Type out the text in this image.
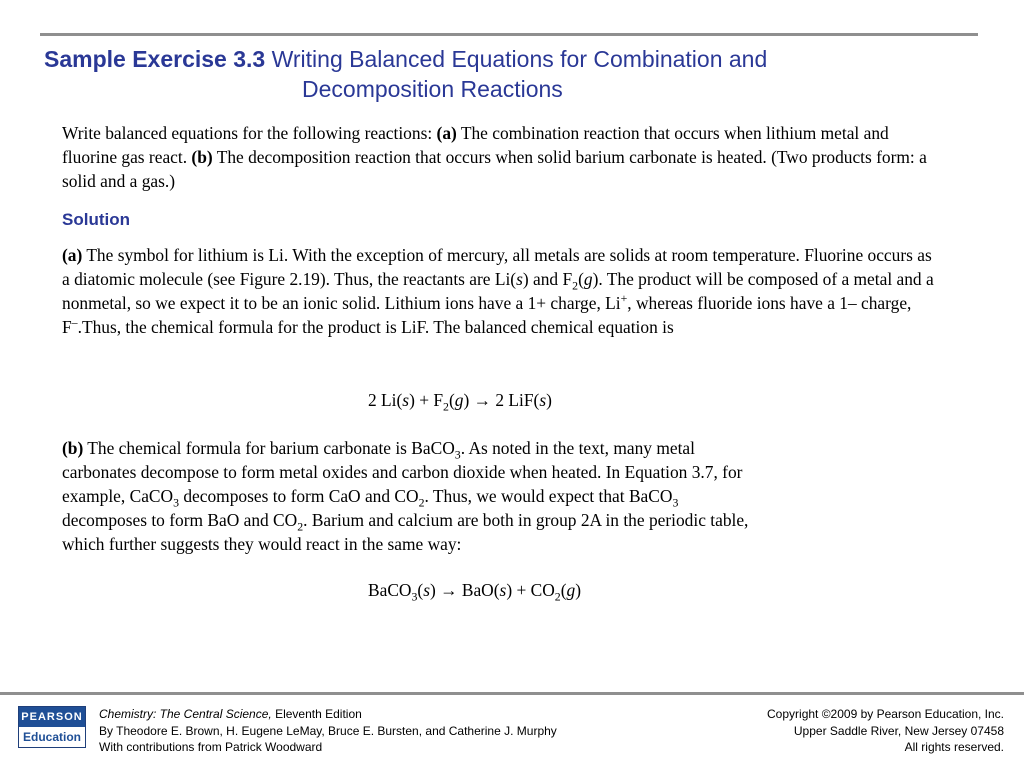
Sample Exercise 3.3 Writing Balanced Equations for Combination and
Decomposition Reactions
Write balanced equations for the following reactions: (a) The combination reaction that occurs when lithium metal and fluorine gas react. (b) The decomposition reaction that occurs when solid barium carbonate is heated. (Two products form: a solid and a gas.)
Solution
(a) The symbol for lithium is Li. With the exception of mercury, all metals are solids at room temperature. Fluorine occurs as a diatomic molecule (see Figure 2.19). Thus, the reactants are Li(s) and $F_2(g)$. The product will be composed of a metal and a nonmetal, so we expect it to be an ionic solid. Lithium ions have a 1+ charge, Li+, whereas fluoride ions have a 1– charge, F–.Thus, the chemical formula for the product is LiF. The balanced chemical equation is
2 $Li(s) + F_2(g) \to 2$ LiF(s)
(b) The chemical formula for barium carbonate is BaCO$_3$. As noted in the text, many metal carbonates decompose to form metal oxides and carbon dioxide when heated. In Equation 3.7, for example, CaCO$_3$ decomposes to form CaO and $CO_2$. Thus, we would expect that BaCO$_3$ decomposes to form BaO and $CO_2$. Barium and calcium are both in group 2A in the periodic table, which further suggests they would react in the same way:
BaCO$_3$(s) → $BaO(s) + CO_2(g)$
PEARSON
Education
Chemistry: The Central Science, Eleventh Edition
By Theodore E. Brown, H. Eugene LeMay, Bruce E. Bursten, and Catherine J. Murphy
With contributions from Patrick Woodward
Copyright ©2009 by Pearson Education, Inc.
Upper Saddle River, New Jersey 07458
All rights reserved.
